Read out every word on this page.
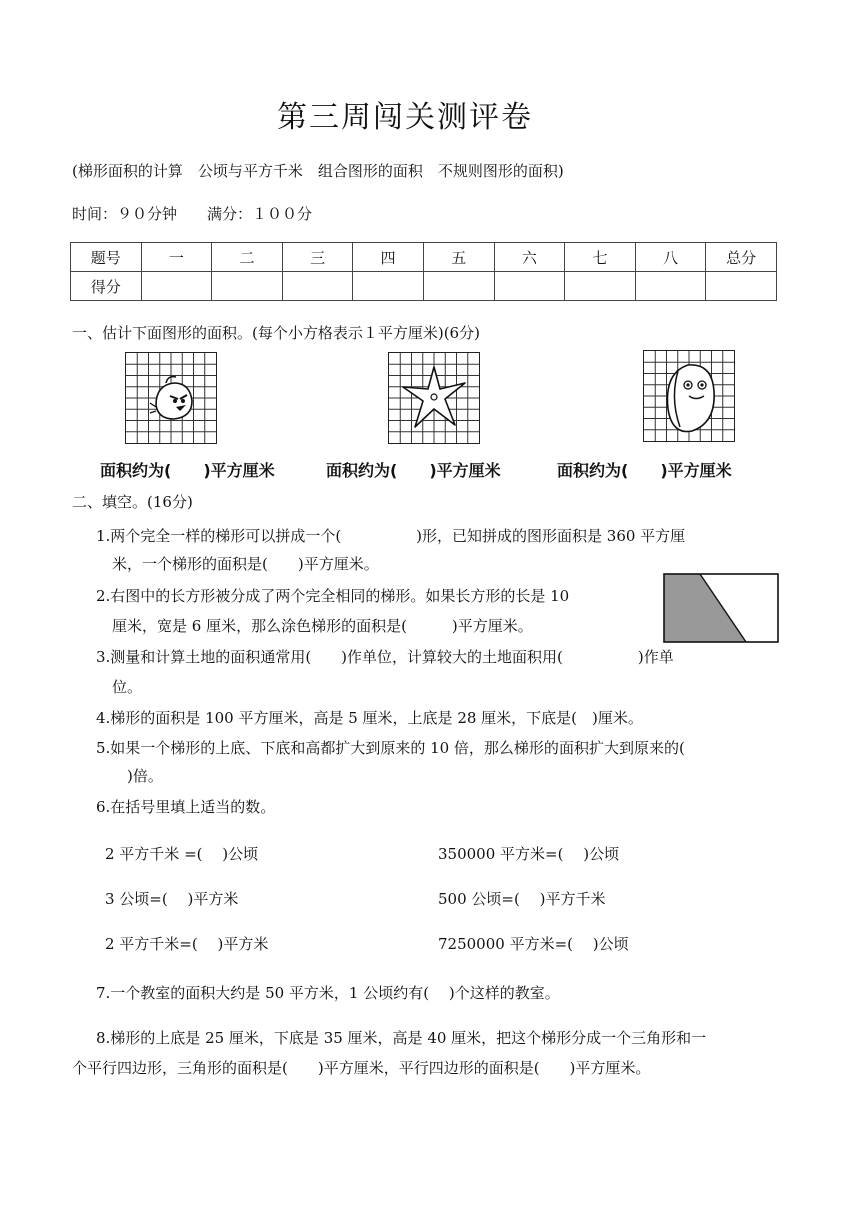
第三周闯关测评卷
(梯形面积的计算　公顷与平方千米　组合图形的面积　不规则图形的面积)
时间：９０分钟　　满分：１００分
题号	一	二	三	四	五	六	七	八	总分
得分									
一、估计下面图形的面积。(每个小方格表示１平方厘米)(6分)
面积约为(　　)平方厘米	面积约为(　　)平方厘米	面积约为(　　)平方厘米
二、填空。(16分)
1.两个完全一样的梯形可以拼成一个(　　　　　)形，已知拼成的图形面积是 360 平方厘
米，一个梯形的面积是(　　)平方厘米。
2.右图中的长方形被分成了两个完全相同的梯形。如果长方形的长是 10
厘米，宽是 6 厘米，那么涂色梯形的面积是(　　　)平方厘米。
3.测量和计算土地的面积通常用(　　)作单位，计算较大的土地面积用(　　　　　)作单
位。
4.梯形的面积是 100 平方厘米，高是 5 厘米，上底是 28 厘米，下底是(　)厘米。
5.如果一个梯形的上底、下底和高都扩大到原来的 10 倍，那么梯形的面积扩大到原来的(
　)倍。
6.在括号里填上适当的数。
2 平方千米 =(　 )公顷	350000 平方米=(　 )公顷
3 公顷=(　 )平方米	500 公顷=(　 )平方千米
2 平方千米=(　 )平方米	7250000 平方米=(　 )公顷
7.一个教室的面积大约是 50 平方米，1 公顷约有(　 )个这样的教室。
8.梯形的上底是 25 厘米，下底是 35 厘米，高是 40 厘米，把这个梯形分成一个三角形和一
个平行四边形，三角形的面积是(　　)平方厘米，平行四边形的面积是(　　)平方厘米。
